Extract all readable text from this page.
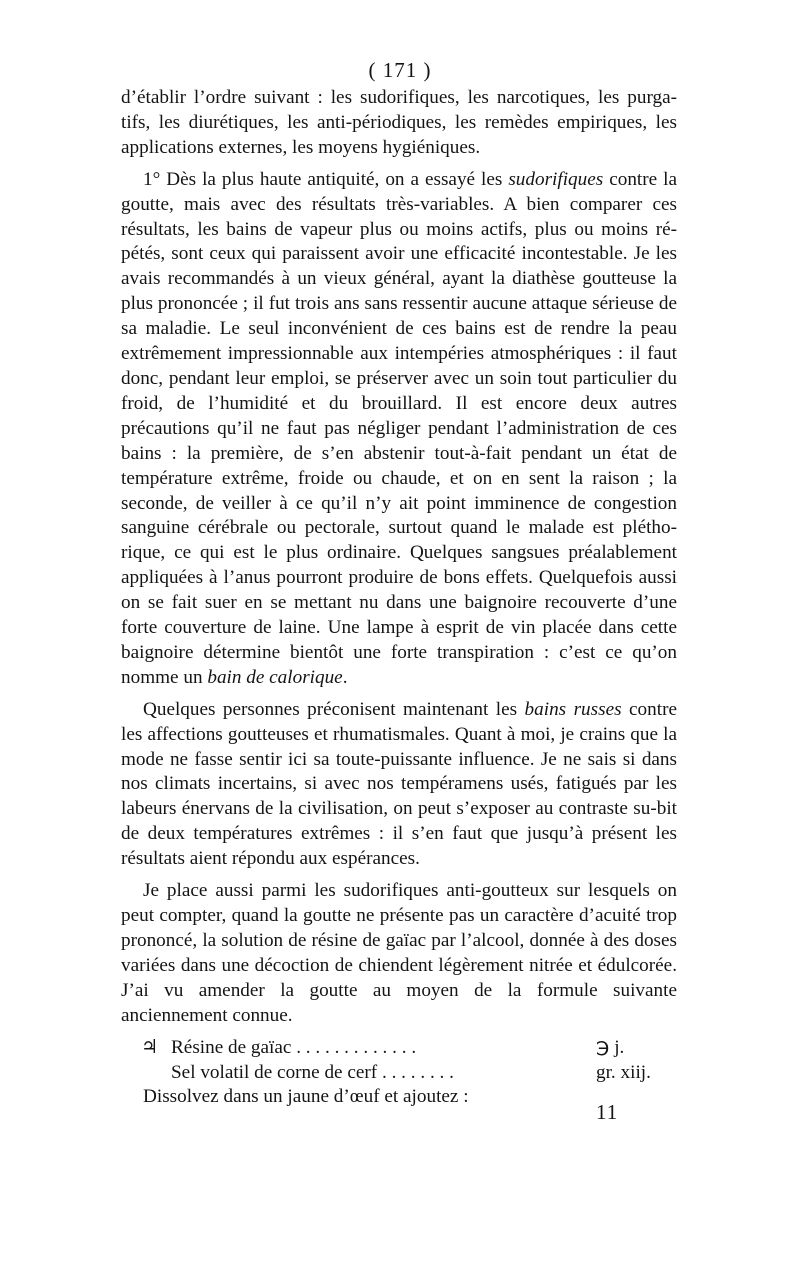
( 171 )

d’établir l’ordre suivant : les sudorifiques, les narcotiques, les purga-tifs, les diurétiques, les anti-périodiques, les remèdes empiriques, les applications externes, les moyens hygiéniques.

1° Dès la plus haute antiquité, on a essayé les sudorifiques contre la goutte, mais avec des résultats très-variables. A bien comparer ces résultats, les bains de vapeur plus ou moins actifs, plus ou moins ré-pétés, sont ceux qui paraissent avoir une efficacité incontestable. Je les avais recommandés à un vieux général, ayant la diathèse goutteuse la plus prononcée ; il fut trois ans sans ressentir aucune attaque sérieuse de sa maladie. Le seul inconvénient de ces bains est de rendre la peau extrêmement impressionnable aux intempéries atmosphériques : il faut donc, pendant leur emploi, se préserver avec un soin tout particulier du froid, de l’humidité et du brouillard. Il est encore deux autres précautions qu’il ne faut pas négliger pendant l’administration de ces bains : la première, de s’en abstenir tout-à-fait pendant un état de température extrême, froide ou chaude, et on en sent la raison ; la seconde, de veiller à ce qu’il n’y ait point imminence de congestion sanguine cérébrale ou pectorale, surtout quand le malade est plétho-rique, ce qui est le plus ordinaire. Quelques sangsues préalablement appliquées à l’anus pourront produire de bons effets. Quelquefois aussi on se fait suer en se mettant nu dans une baignoire recouverte d’une forte couverture de laine. Une lampe à esprit de vin placée dans cette baignoire détermine bientôt une forte transpiration : c’est ce qu’on nomme un bain de calorique.

Quelques personnes préconisent maintenant les bains russes contre les affections goutteuses et rhumatismales. Quant à moi, je crains que la mode ne fasse sentir ici sa toute-puissante influence. Je ne sais si dans nos climats incertains, si avec nos tempéramens usés, fatigués par les labeurs énervans de la civilisation, on peut s’exposer au contraste su-bit de deux températures extrêmes : il s’en faut que jusqu’à présent les résultats aient répondu aux espérances.

Je place aussi parmi les sudorifiques anti-goutteux sur lesquels on peut compter, quand la goutte ne présente pas un caractère d’acuité trop prononcé, la solution de résine de gaïac par l’alcool, donnée à des doses variées dans une décoction de chiendent légèrement nitrée et édulcorée. J’ai vu amender la goutte au moyen de la formule suivante anciennement connue.

♃ Résine de gaïac . . . . . . . . . . . . .	℈ j.
Sel volatil de corne de cerf . . . . . . . .	gr. xiij.

Dissolvez dans un jaune d’œuf et ajoutez :

11
